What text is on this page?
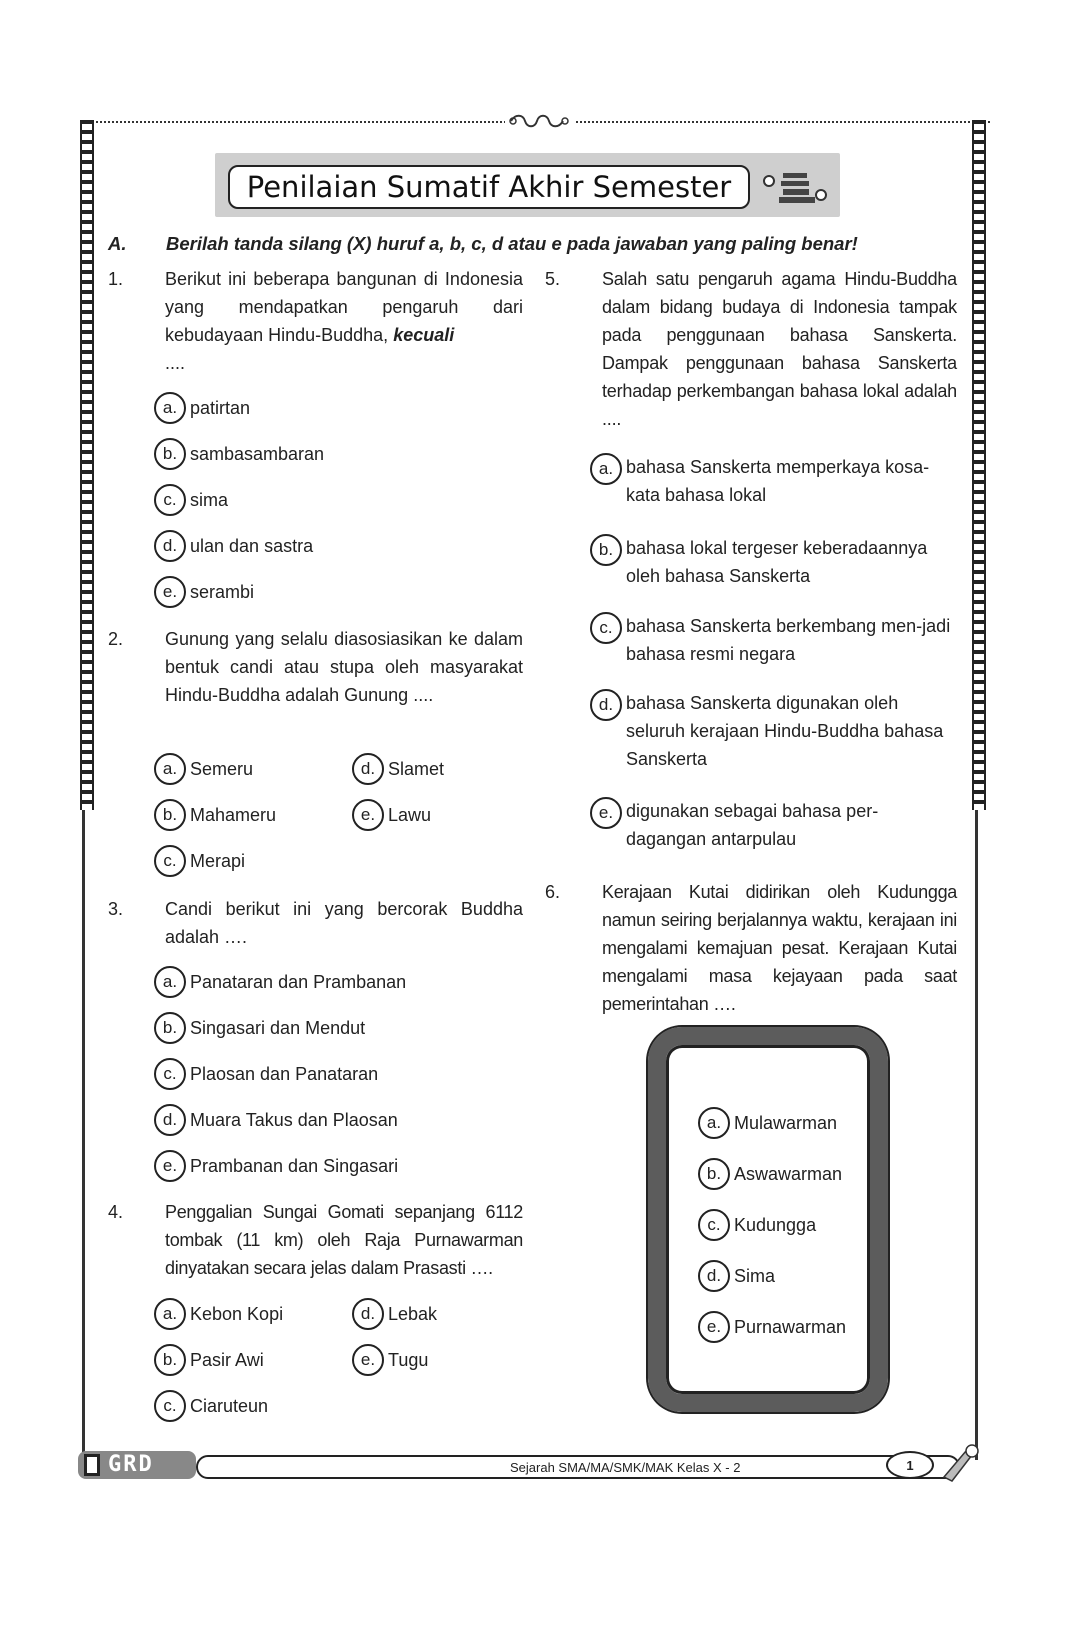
Penilaian Sumatif Akhir Semester
A. Berilah tanda silang (X) huruf a, b, c, d atau e pada jawaban yang paling benar!
1. Berikut ini beberapa bangunan di Indonesia yang mendapatkan pengaruh dari kebudayaan Hindu-Buddha, kecuali
....
a. patirtan
b. sambasambaran
c. sima
d. ulan dan sastra
e. serambi
2. Gunung yang selalu diasosiasikan ke dalam bentuk candi atau stupa oleh masyarakat Hindu-Buddha adalah Gunung ....
a. Semeru
b. Mahameru
c. Merapi
d. Slamet
e. Lawu
3. Candi berikut ini yang bercorak Buddha adalah ….
a. Panataran dan Prambanan
b. Singasari dan Mendut
c. Plaosan dan Panataran
d. Muara Takus dan Plaosan
e. Prambanan dan Singasari
4. Penggalian Sungai Gomati sepanjang 6112 tombak (11 km) oleh Raja Purnawarman dinyatakan secara jelas dalam Prasasti ….
a. Kebon Kopi
b. Pasir Awi
c. Ciaruteun
d. Lebak
e. Tugu
5. Salah satu pengaruh agama Hindu-Buddha dalam bidang budaya di Indonesia tampak pada penggunaan bahasa Sanskerta. Dampak penggunaan bahasa Sanskerta terhadap perkembangan bahasa lokal adalah ....
a. bahasa Sanskerta memperkaya kosa-kata bahasa lokal
b. bahasa lokal tergeser keberadaannya oleh bahasa Sanskerta
c. bahasa Sanskerta berkembang men-jadi bahasa resmi negara
d. bahasa Sanskerta digunakan oleh seluruh kerajaan Hindu-Buddha bahasa Sanskerta
e. digunakan sebagai bahasa per-dagangan antarpulau
6. Kerajaan Kutai didirikan oleh Kudungga namun seiring berjalannya waktu, kerajaan ini mengalami kemajuan pesat. Kerajaan Kutai mengalami masa kejayaan pada saat pemerintahan ….
a. Mulawarman
b. Aswawarman
c. Kudungga
d. Sima
e. Purnawarman
GRD	Sejarah SMA/MA/SMK/MAK Kelas X - 2	1
